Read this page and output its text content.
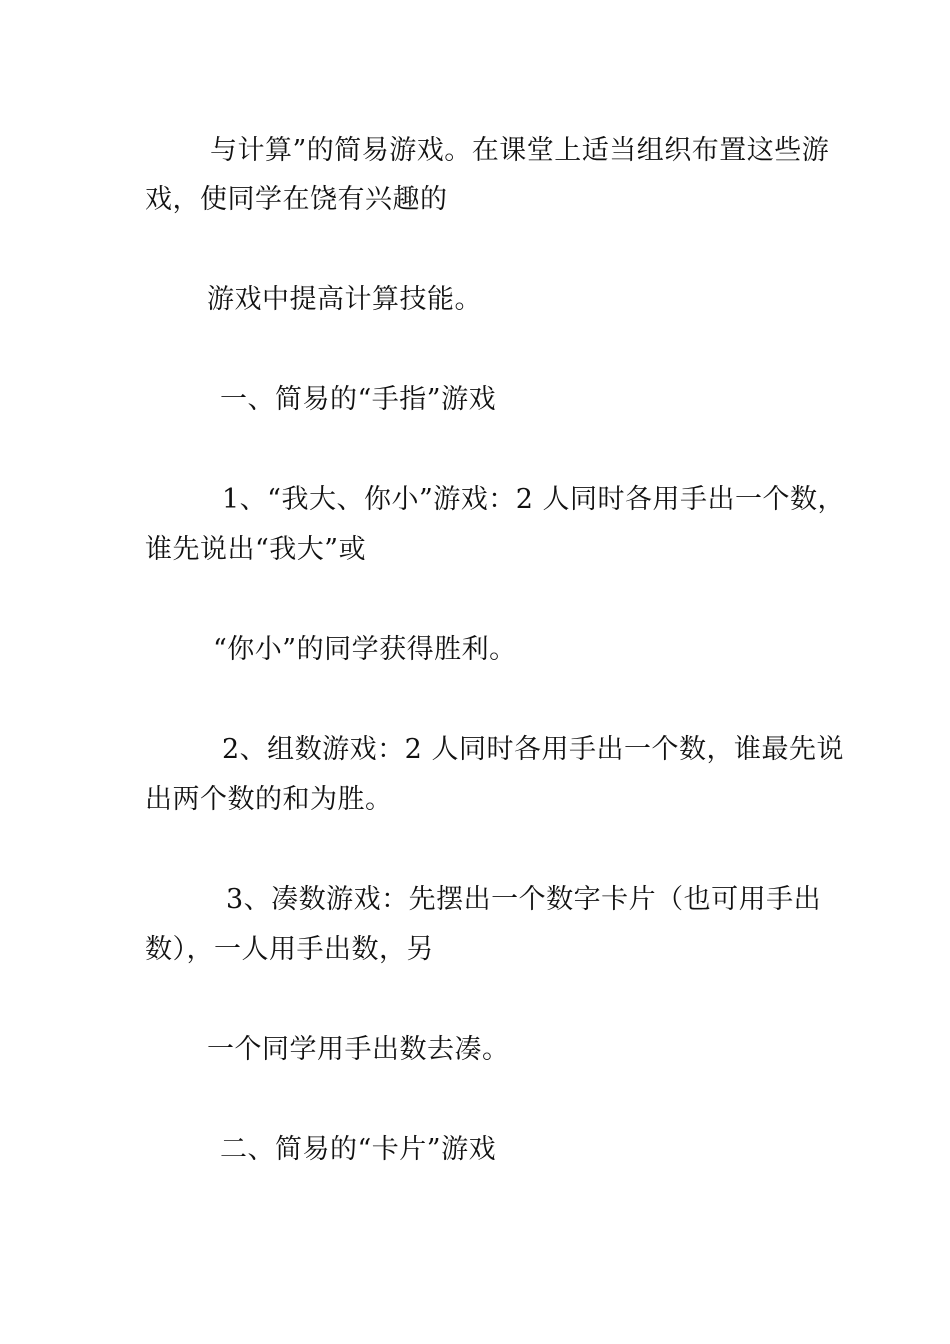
与计算”的简易游戏。在课堂上适当组织布置这些游
戏，使同学在饶有兴趣的
游戏中提高计算技能。
一、简易的“手指”游戏
1、“我大、你小”游戏：2 人同时各用手出一个数，
谁先说出“我大”或
“你小”的同学获得胜利。
2、组数游戏：2 人同时各用手出一个数，谁最先说
出两个数的和为胜。
3、凑数游戏：先摆出一个数字卡片（也可用手出
数），一人用手出数，另
一个同学用手出数去凑。
二、简易的“卡片”游戏
